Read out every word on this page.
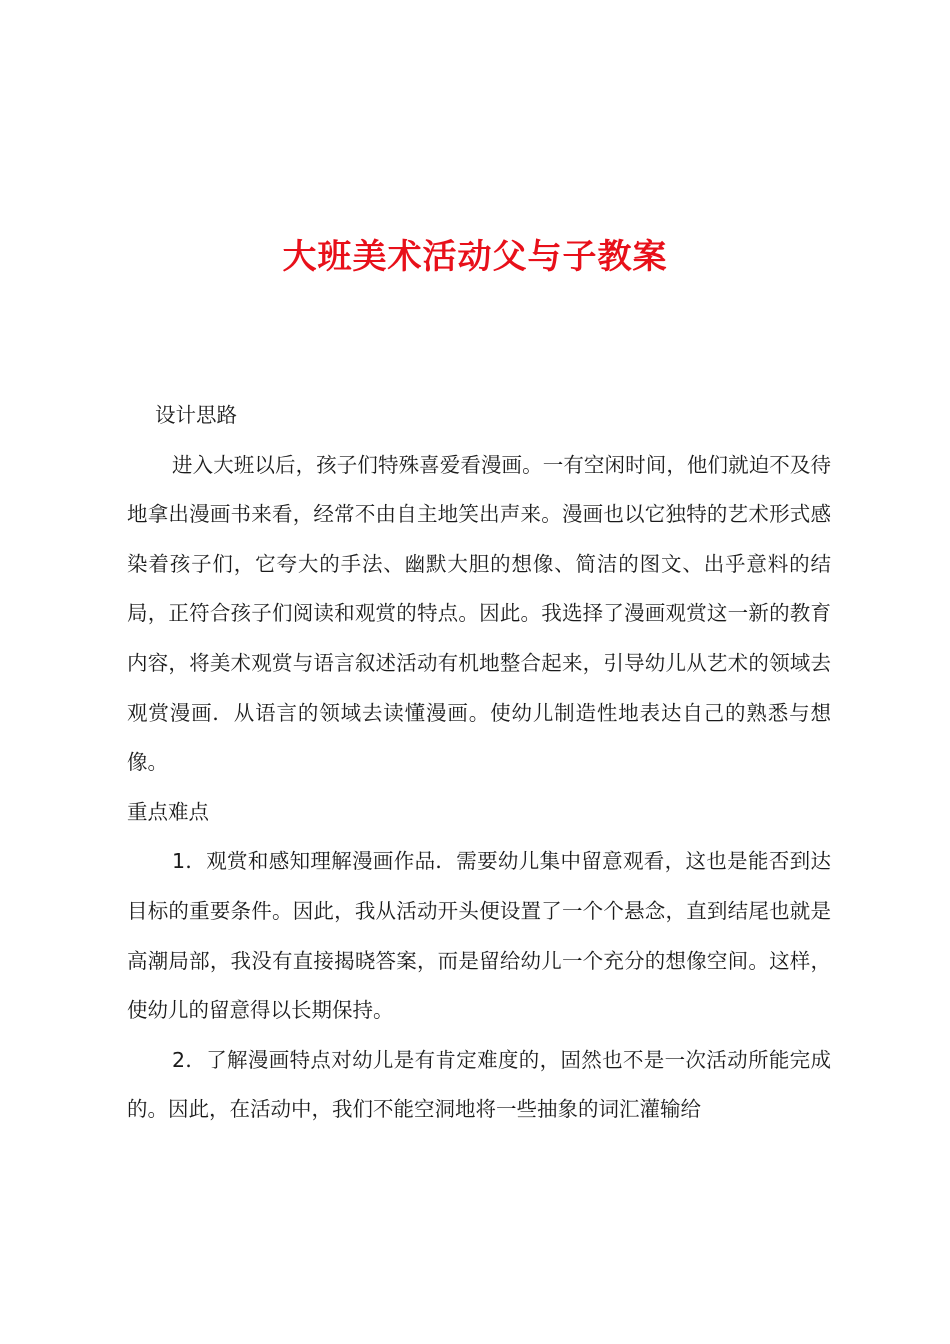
大班美术活动父与子教案

设计思路

进入大班以后，孩子们特殊喜爱看漫画。一有空闲时间，他们就迫不及待地拿出漫画书来看，经常不由自主地笑出声来。漫画也以它独特的艺术形式感染着孩子们，它夸大的手法、幽默大胆的想像、简洁的图文、出乎意料的结局，正符合孩子们阅读和观赏的特点。因此。我选择了漫画观赏这一新的教育内容，将美术观赏与语言叙述活动有机地整合起来，引导幼儿从艺术的领域去观赏漫画．从语言的领域去读懂漫画。使幼儿制造性地表达自己的熟悉与想像。

重点难点

1．观赏和感知理解漫画作品．需要幼儿集中留意观看，这也是能否到达目标的重要条件。因此，我从活动开头便设置了一个个悬念，直到结尾也就是高潮局部，我没有直接揭晓答案，而是留给幼儿一个充分的想像空间。这样，使幼儿的留意得以长期保持。

2．了解漫画特点对幼儿是有肯定难度的，固然也不是一次活动所能完成的。因此，在活动中，我们不能空洞地将一些抽象的词汇灌输给
